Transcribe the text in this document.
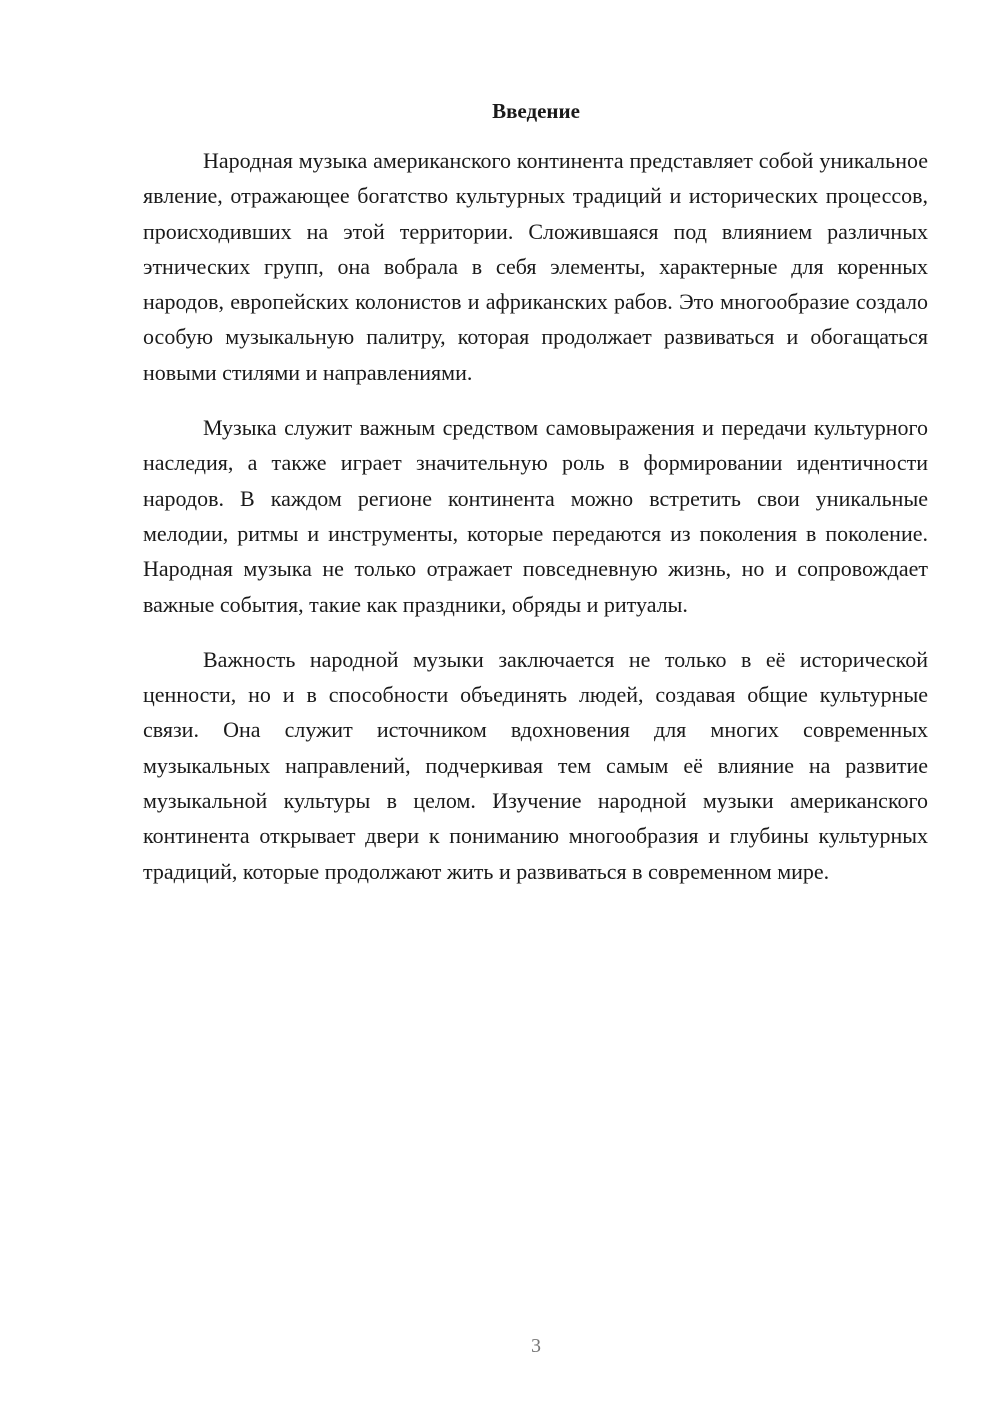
Введение

Народная музыка американского континента представляет собой уникальное явление, отражающее богатство культурных традиций и исторических процессов, происходивших на этой территории. Сложившаяся под влиянием различных этнических групп, она вобрала в себя элементы, характерные для коренных народов, европейских колонистов и африканских рабов. Это многообразие создало особую музыкальную палитру, которая продолжает развиваться и обогащаться новыми стилями и направлениями.

Музыка служит важным средством самовыражения и передачи культурного наследия, а также играет значительную роль в формировании идентичности народов. В каждом регионе континента можно встретить свои уникальные мелодии, ритмы и инструменты, которые передаются из поколения в поколение. Народная музыка не только отражает повседневную жизнь, но и сопровождает важные события, такие как праздники, обряды и ритуалы.

Важность народной музыки заключается не только в её исторической ценности, но и в способности объединять людей, создавая общие культурные связи. Она служит источником вдохновения для многих современных музыкальных направлений, подчеркивая тем самым её влияние на развитие музыкальной культуры в целом. Изучение народной музыки американского континента открывает двери к пониманию многообразия и глубины культурных традиций, которые продолжают жить и развиваться в современном мире.

3
